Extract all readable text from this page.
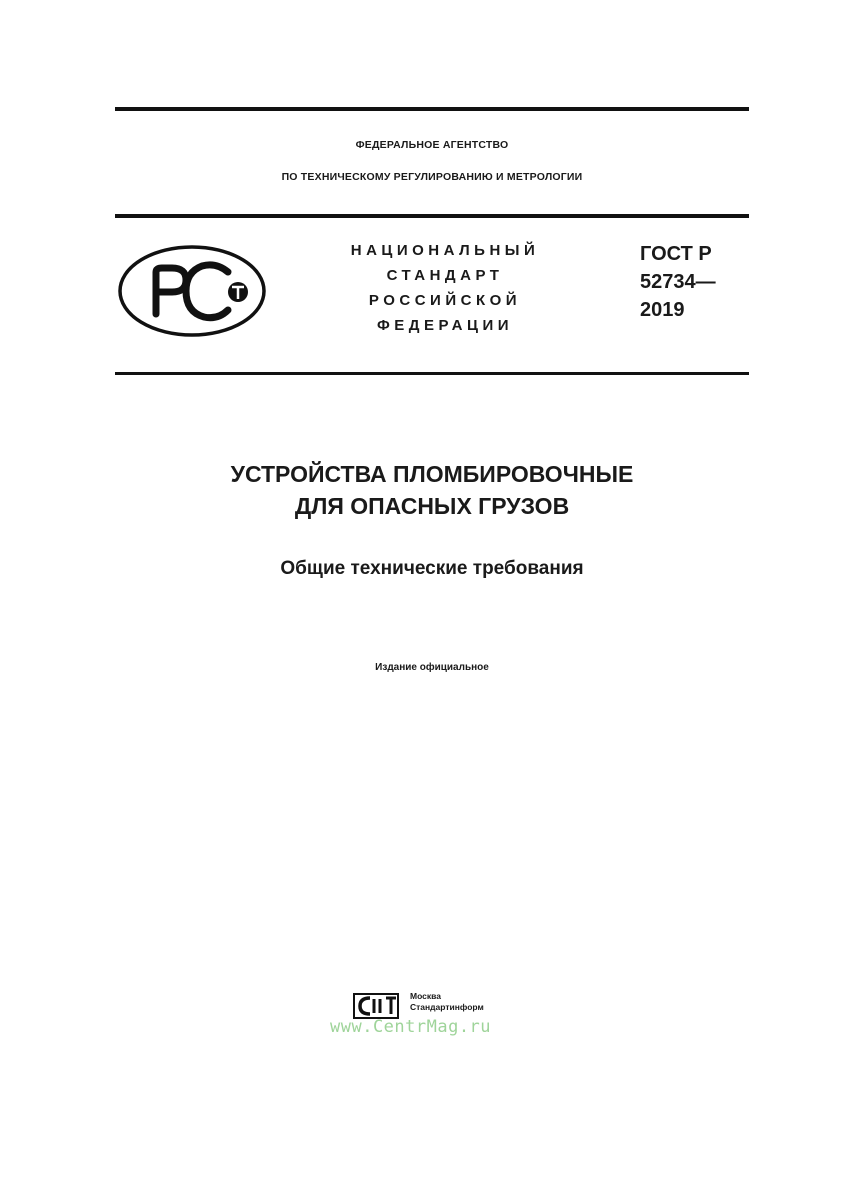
ФЕДЕРАЛЬНОЕ АГЕНТСТВО
ПО ТЕХНИЧЕСКОМУ РЕГУЛИРОВАНИЮ И МЕТРОЛОГИИ
НАЦИОНАЛЬНЫЙ
СТАНДАРТ
РОССИЙСКОЙ
ФЕДЕРАЦИИ
ГОСТ Р
52734—
2019
УСТРОЙСТВА ПЛОМБИРОВОЧНЫЕ
ДЛЯ ОПАСНЫХ ГРУЗОВ
Общие технические требования
Издание официальное
Москва
Стандартинформ
www.CentrMag.ru
